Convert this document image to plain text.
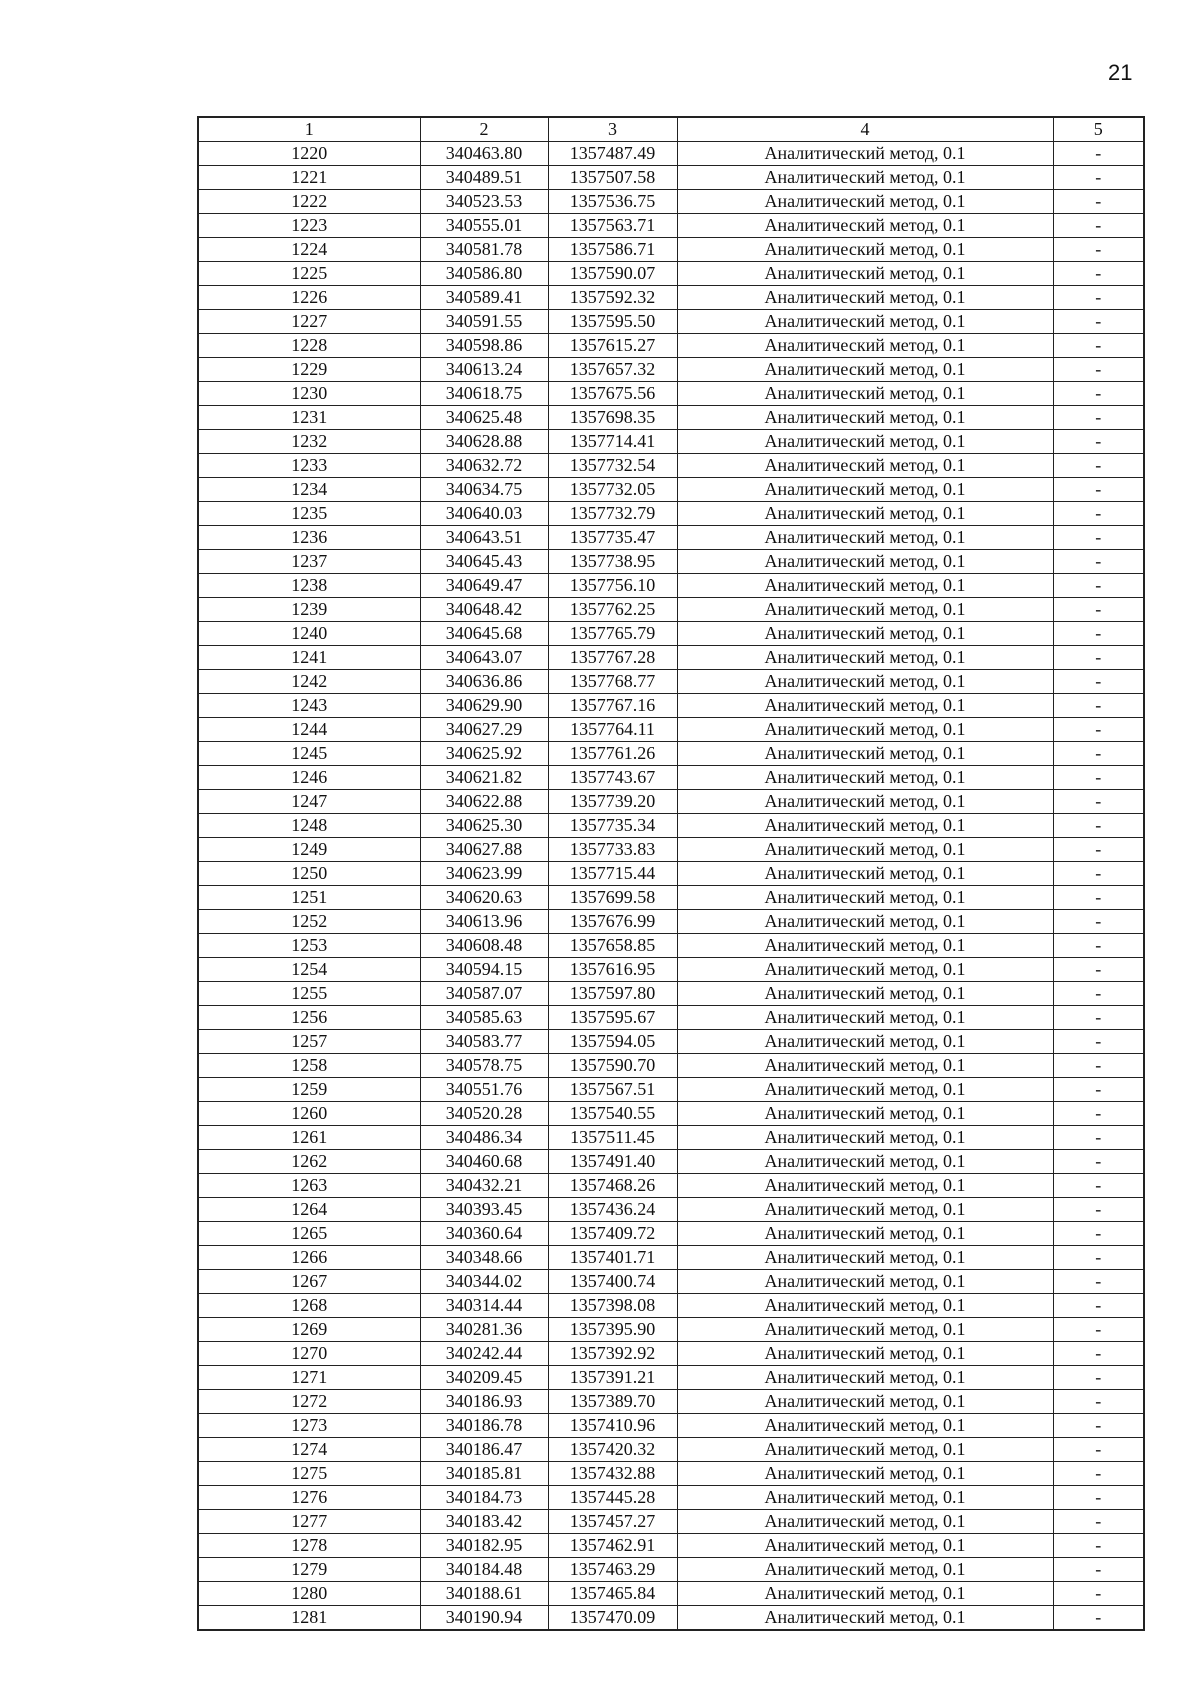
21
1	2	3	4	5
1220	340463.80	1357487.49	Аналитический метод, 0.1	-
1221	340489.51	1357507.58	Аналитический метод, 0.1	-
1222	340523.53	1357536.75	Аналитический метод, 0.1	-
1223	340555.01	1357563.71	Аналитический метод, 0.1	-
1224	340581.78	1357586.71	Аналитический метод, 0.1	-
1225	340586.80	1357590.07	Аналитический метод, 0.1	-
1226	340589.41	1357592.32	Аналитический метод, 0.1	-
1227	340591.55	1357595.50	Аналитический метод, 0.1	-
1228	340598.86	1357615.27	Аналитический метод, 0.1	-
1229	340613.24	1357657.32	Аналитический метод, 0.1	-
1230	340618.75	1357675.56	Аналитический метод, 0.1	-
1231	340625.48	1357698.35	Аналитический метод, 0.1	-
1232	340628.88	1357714.41	Аналитический метод, 0.1	-
1233	340632.72	1357732.54	Аналитический метод, 0.1	-
1234	340634.75	1357732.05	Аналитический метод, 0.1	-
1235	340640.03	1357732.79	Аналитический метод, 0.1	-
1236	340643.51	1357735.47	Аналитический метод, 0.1	-
1237	340645.43	1357738.95	Аналитический метод, 0.1	-
1238	340649.47	1357756.10	Аналитический метод, 0.1	-
1239	340648.42	1357762.25	Аналитический метод, 0.1	-
1240	340645.68	1357765.79	Аналитический метод, 0.1	-
1241	340643.07	1357767.28	Аналитический метод, 0.1	-
1242	340636.86	1357768.77	Аналитический метод, 0.1	-
1243	340629.90	1357767.16	Аналитический метод, 0.1	-
1244	340627.29	1357764.11	Аналитический метод, 0.1	-
1245	340625.92	1357761.26	Аналитический метод, 0.1	-
1246	340621.82	1357743.67	Аналитический метод, 0.1	-
1247	340622.88	1357739.20	Аналитический метод, 0.1	-
1248	340625.30	1357735.34	Аналитический метод, 0.1	-
1249	340627.88	1357733.83	Аналитический метод, 0.1	-
1250	340623.99	1357715.44	Аналитический метод, 0.1	-
1251	340620.63	1357699.58	Аналитический метод, 0.1	-
1252	340613.96	1357676.99	Аналитический метод, 0.1	-
1253	340608.48	1357658.85	Аналитический метод, 0.1	-
1254	340594.15	1357616.95	Аналитический метод, 0.1	-
1255	340587.07	1357597.80	Аналитический метод, 0.1	-
1256	340585.63	1357595.67	Аналитический метод, 0.1	-
1257	340583.77	1357594.05	Аналитический метод, 0.1	-
1258	340578.75	1357590.70	Аналитический метод, 0.1	-
1259	340551.76	1357567.51	Аналитический метод, 0.1	-
1260	340520.28	1357540.55	Аналитический метод, 0.1	-
1261	340486.34	1357511.45	Аналитический метод, 0.1	-
1262	340460.68	1357491.40	Аналитический метод, 0.1	-
1263	340432.21	1357468.26	Аналитический метод, 0.1	-
1264	340393.45	1357436.24	Аналитический метод, 0.1	-
1265	340360.64	1357409.72	Аналитический метод, 0.1	-
1266	340348.66	1357401.71	Аналитический метод, 0.1	-
1267	340344.02	1357400.74	Аналитический метод, 0.1	-
1268	340314.44	1357398.08	Аналитический метод, 0.1	-
1269	340281.36	1357395.90	Аналитический метод, 0.1	-
1270	340242.44	1357392.92	Аналитический метод, 0.1	-
1271	340209.45	1357391.21	Аналитический метод, 0.1	-
1272	340186.93	1357389.70	Аналитический метод, 0.1	-
1273	340186.78	1357410.96	Аналитический метод, 0.1	-
1274	340186.47	1357420.32	Аналитический метод, 0.1	-
1275	340185.81	1357432.88	Аналитический метод, 0.1	-
1276	340184.73	1357445.28	Аналитический метод, 0.1	-
1277	340183.42	1357457.27	Аналитический метод, 0.1	-
1278	340182.95	1357462.91	Аналитический метод, 0.1	-
1279	340184.48	1357463.29	Аналитический метод, 0.1	-
1280	340188.61	1357465.84	Аналитический метод, 0.1	-
1281	340190.94	1357470.09	Аналитический метод, 0.1	-
